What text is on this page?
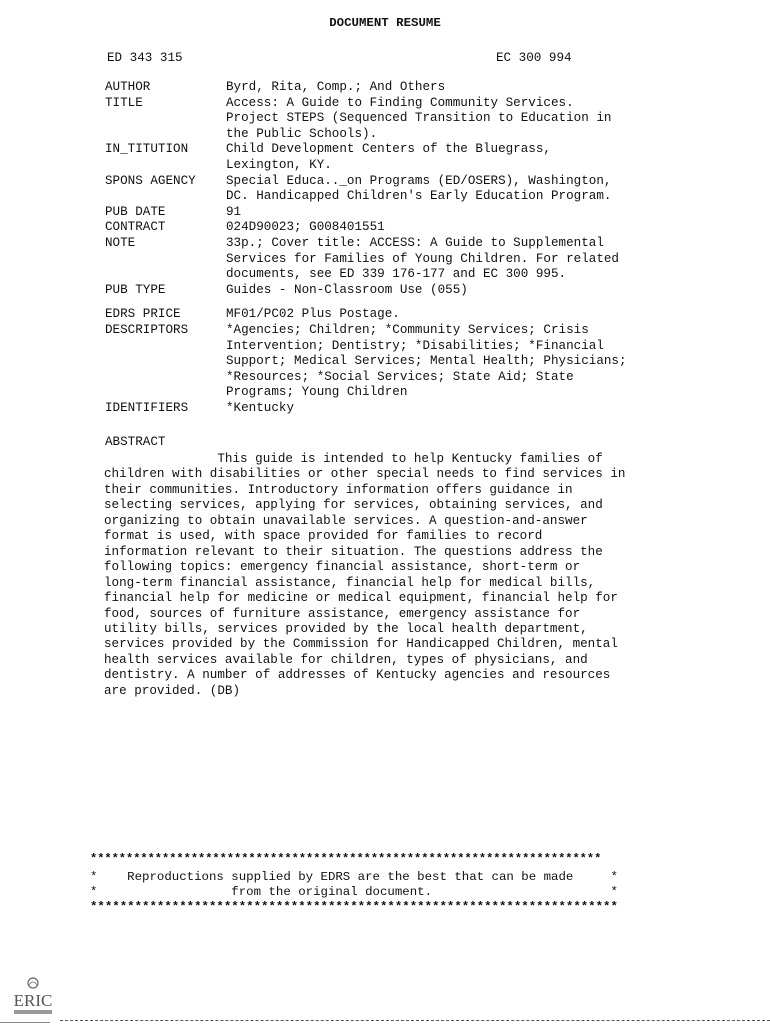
DOCUMENT RESUME
ED 343 315	EC 300 994
AUTHOR	Byrd, Rita, Comp.; And Others
TITLE	Access: A Guide to Finding Community Services.
Project STEPS (Sequenced Transition to Education in
the Public Schools).
IN_TITUTION	Child Development Centers of the Bluegrass,
Lexington, KY.
SPONS AGENCY	Special Educa.._on Programs (ED/OSERS), Washington,
DC. Handicapped Children's Early Education Program.
PUB DATE	91
CONTRACT	024D90023; G008401551
NOTE	33p.; Cover title: ACCESS: A Guide to Supplemental
Services for Families of Young Children. For related
documents, see ED 339 176-177 and EC 300 995.
PUB TYPE	Guides - Non-Classroom Use (055)
EDRS PRICE	MF01/PC02 Plus Postage.
DESCRIPTORS	*Agencies; Children; *Community Services; Crisis
Intervention; Dentistry; *Disabilities; *Financial
Support; Medical Services; Mental Health; Physicians;
*Resources; *Social Services; State Aid; State
Programs; Young Children
IDENTIFIERS	*Kentucky
ABSTRACT
This guide is intended to help Kentucky families of
children with disabilities or other special needs to find services in
their communities. Introductory information offers guidance in
selecting services, applying for services, obtaining services, and
organizing to obtain unavailable services. A question-and-answer
format is used, with space provided for families to record
information relevant to their situation. The questions address the
following topics: emergency financial assistance, short-term or
long-term financial assistance, financial help for medical bills,
financial help for medicine or medical equipment, financial help for
food, sources of furniture assistance, emergency assistance for
utility bills, services provided by the local health department,
services provided by the Commission for Handicapped Children, mental
health services available for children, types of physicians, and
dentistry. A number of addresses of Kentucky agencies and resources
are provided. (DB)
***********************************************************************
*    Reproductions supplied by EDRS are the best that can be made     *
*                  from the original document.                        *
***********************************************************************
ERIC
